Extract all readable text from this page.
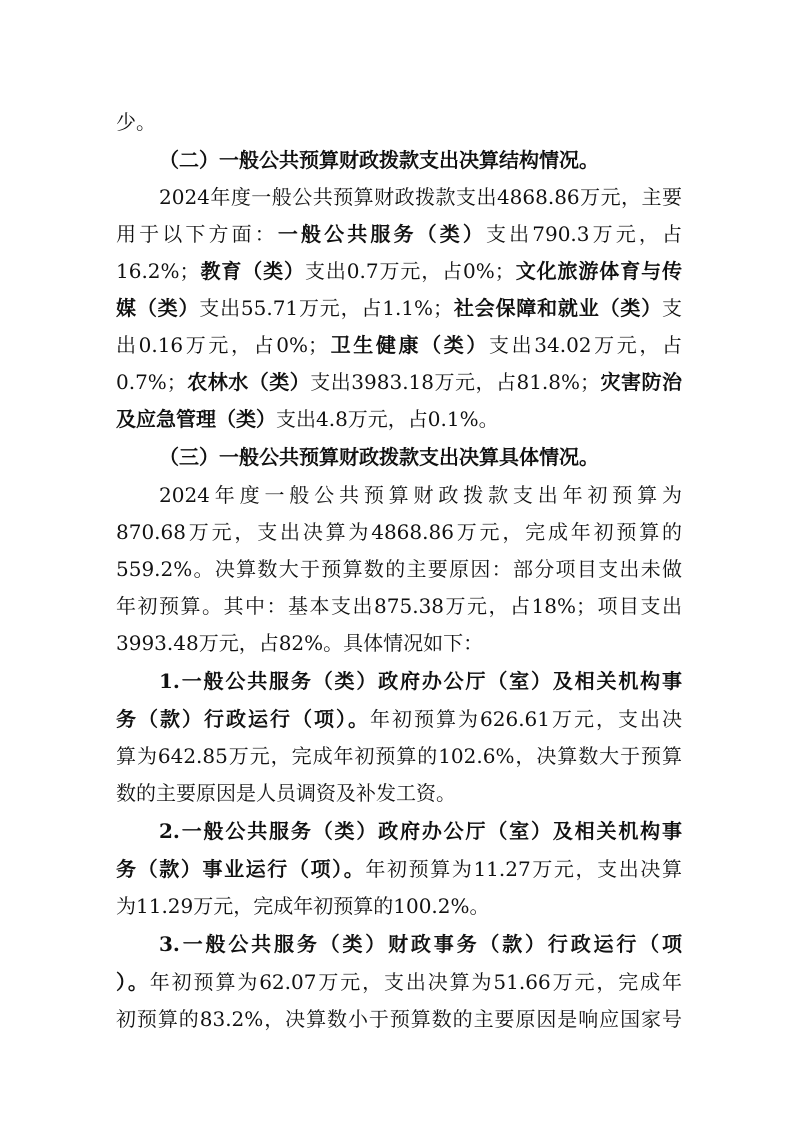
少。
（二）一般公共预算财政拨款支出决算结构情况。
2024年度一般公共预算财政拨款支出4868.86万元，主要
用于以下方面：一般公共服务（类）支出790.3万元，占
16.2%；教育（类）支出0.7万元，占0%；文化旅游体育与传
媒（类）支出55.71万元，占1.1%；社会保障和就业（类）支
出0.16万元，占0%；卫生健康（类）支出34.02万元，占
0.7%；农林水（类）支出3983.18万元，占81.8%；灾害防治
及应急管理（类）支出4.8万元，占0.1%。
（三）一般公共预算财政拨款支出决算具体情况。
2024年度一般公共预算财政拨款支出年初预算为
870.68万元，支出决算为4868.86万元，完成年初预算的
559.2%。决算数大于预算数的主要原因：部分项目支出未做
年初预算。其中：基本支出875.38万元，占18%；项目支出
3993.48万元，占82%。具体情况如下：
1.一般公共服务（类）政府办公厅（室）及相关机构事
务（款）行政运行（项）。年初预算为626.61万元，支出决
算为642.85万元，完成年初预算的102.6%，决算数大于预算
数的主要原因是人员调资及补发工资。
2.一般公共服务（类）政府办公厅（室）及相关机构事
务（款）事业运行（项）。年初预算为11.27万元，支出决算
为11.29万元，完成年初预算的100.2%。
3.一般公共服务（类）财政事务（款）行政运行（项
）。年初预算为62.07万元，支出决算为51.66万元，完成年
初预算的83.2%，决算数小于预算数的主要原因是响应国家号
